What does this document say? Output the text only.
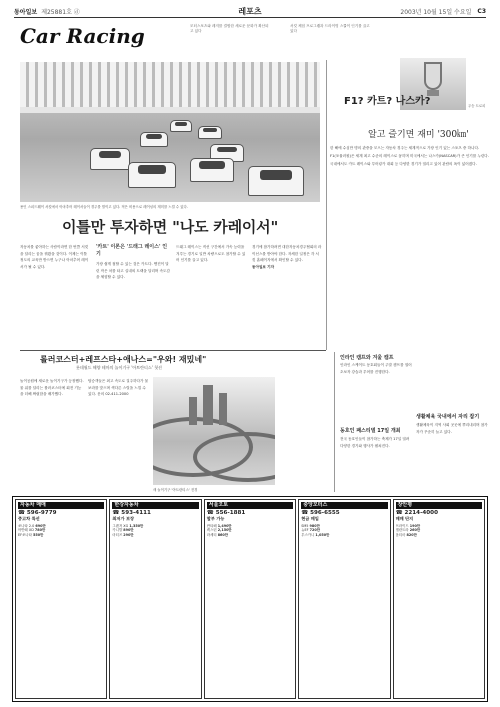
동아일보 제25881호 ⓓ	레포츠	2003년 10월 15일 수요일 C3
Car Racing	모터스포츠와 레저를 결합한 새로운 문화가 확산되고 있다
서킷 체험 프로그램과 드라이빙 스쿨이 인기를 끌고 있다
용인 스피드웨이 서킷에서 아마추어 레이서들이 경주를 벌이고 있다. 적은 비용으로 레이싱의 재미를 느낄 수 있다.
우승 트로피
F1? 카트? 나스카?
알고 즐기면 재미 '300㎞'

한 해에 수십만 명의 관중을 모으는 자동차 경주는 세계적으로 가장 인기 있는 스포츠 중 하나다.

F1(포뮬러원)은 세계 최고 수준의 레이스로 꼽히며 미국에서는 나스카(NASCAR)가 큰 인기를 누린다.

국내에서도 카트 레이스와 투어링카 대회 등 다양한 경기가 열리고 있어 관람의 폭이 넓어졌다.

이틀만 투자하면 "나도 카레이서"
자동차를 좋아하는 사람이라면 한 번쯤 서킷을 달리는 꿈을 꿔봤을 것이다. 이제는 이틀 정도의 교육만 받으면 누구나 아마추어 레이서가 될 수 있다.
'카트' 이론은 '드래그 레이스' 인기
가장 쉽게 접할 수 있는 것은 카트다. 엔진이 달린 작은 차를 타고 실내외 트랙을 달리며 속도감을 체험할 수 있다.
드래그 레이스는 직선 구간에서 가속 능력을 겨루는 경기로 일반 차량으로도 참가할 수 있어 인기를 끌고 있다.
경기에 참가하려면 대한자동차경주협회의 라이선스를 받아야 한다. 자세한 일정은 각 서킷 홈페이지에서 확인할 수 있다.
동아일보 기자
롤러코스터+레프스타+애나스="우와! 재밌네"
롯데월드 해양 테마의 놀이기구 '아트란티스' 첫선
놀이공원에 새로운 놀이기구가 등장했다. 물 위를 달리는 롤러코스터에 회전 기능을 더해 짜릿함을 배가했다.
탑승객들은 최고 속도로 질주하다가 물보라를 맞으며 색다른 스릴을 느낄 수 있다. 문의 02-411-2000
새 놀이기구 '아트란티스' 전경
인라인 캠프와 겨울 캠프
인라인 스케이트 동호회들이 주말 캠프를 열어 초보자 강습과 투어를 진행한다.
동호인 패스티벌 17일 개최
전국 동호인들이 참가하는 축제가 17일 열려 다양한 경기와 행사가 펼쳐진다.
생활체육 국내에서 자리 잡기
생활체육이 지역 사회 곳곳에 뿌리내리며 참가자가 꾸준히 늘고 있다.
자동차 매매
☎ 596-9779
중고차 특선
쏘나타 2.0 690만
아반떼 XD 780만
EF쏘나타 550만
한강자동차
☎ 593-4111
최저가 보장
그랜저 XG 1,350만
카니발 890만
마티즈 290만
서울오토
☎ 556-1881
할부 가능
싼타페 1,490만
렉스턴 2,150만
라세티 860만
중앙모터스
☎ 596-6555
현금 매입
SM5 980만
뉴EF 720만
투스카니 1,050만
장안평
☎ 2214-4000
매매 단지
프라이드 190만
엘란트라 260만
옵티마 820만
